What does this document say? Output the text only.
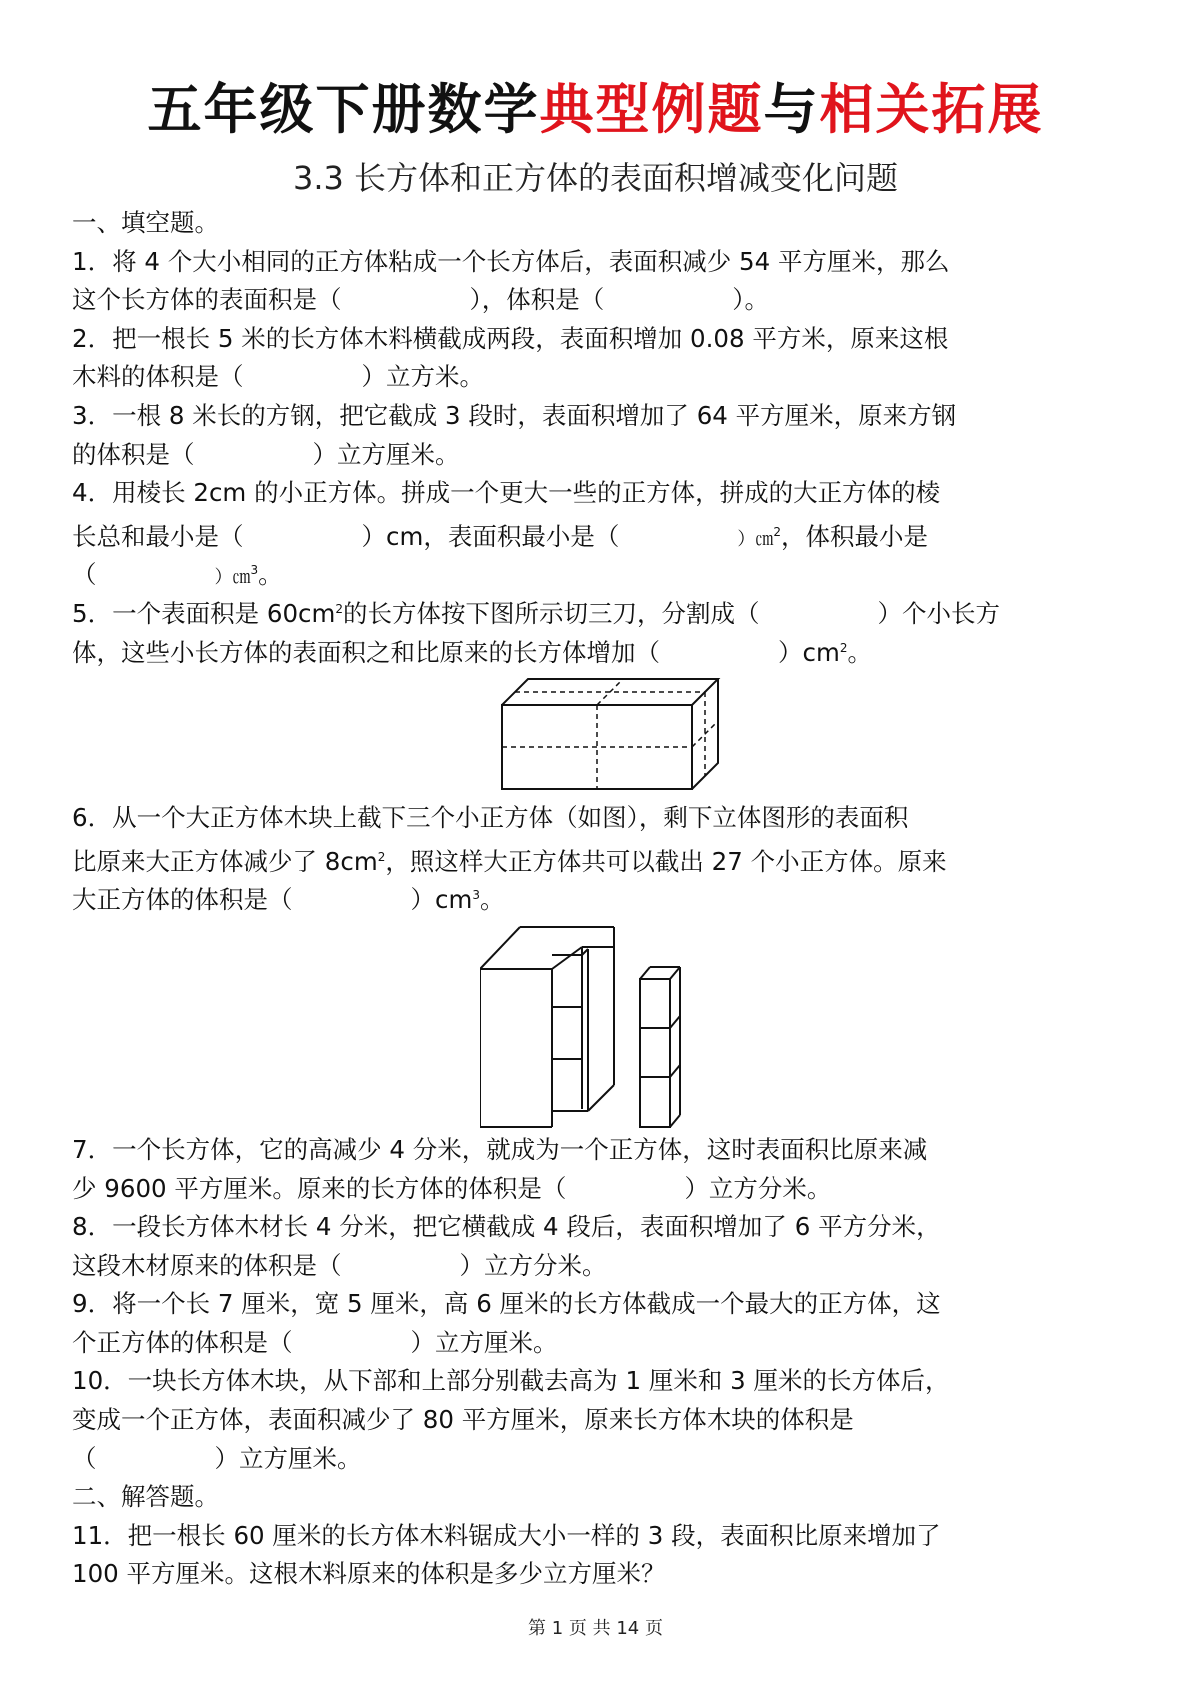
五年级下册数学典型例题与相关拓展
3.3 长方体和正方体的表面积增减变化问题
一、填空题。
1．将 4 个大小相同的正方体粘成一个长方体后，表面积减少 54 平方厘米，那么
这个长方体的表面积是（	），体积是（	）。
2．把一根长 5 米的长方体木料横截成两段，表面积增加 0.08 平方米，原来这根
木料的体积是（	）立方米。
3．一根 8 米长的方钢，把它截成 3 段时，表面积增加了 64 平方厘米，原来方钢
的体积是（	）立方厘米。
4．用棱长 2cm 的小正方体。拼成一个更大一些的正方体，拼成的大正方体的棱
长总和最小是（	）cm，表面积最小是（	）㎝$^2$，体积最小是
（	）㎝$^3$。
5．一个表面积是 $60cm^2$的长方体按下图所示切三刀，分割成（	）个小长方
体，这些小长方体的表面积之和比原来的长方体增加（	）$cm^2$。
6．从一个大正方体木块上截下三个小正方体（如图），剩下立体图形的表面积
比原来大正方体减少了 $8cm^2$，照这样大正方体共可以截出 27 个小正方体。原来
大正方体的体积是（	）$cm^3$。
7．一个长方体，它的高减少 4 分米，就成为一个正方体，这时表面积比原来减
少 9600 平方厘米。原来的长方体的体积是（	）立方分米。
8．一段长方体木材长 4 分米，把它横截成 4 段后，表面积增加了 6 平方分米，
这段木材原来的体积是（	）立方分米。
9．将一个长 7 厘米，宽 5 厘米，高 6 厘米的长方体截成一个最大的正方体，这
个正方体的体积是（	）立方厘米。
10．一块长方体木块，从下部和上部分别截去高为 1 厘米和 3 厘米的长方体后，
变成一个正方体，表面积减少了 80 平方厘米，原来长方体木块的体积是
（	）立方厘米。
二、解答题。
11．把一根长 60 厘米的长方体木料锯成大小一样的 3 段，表面积比原来增加了
100 平方厘米。这根木料原来的体积是多少立方厘米？
第 1 页 共 14 页
